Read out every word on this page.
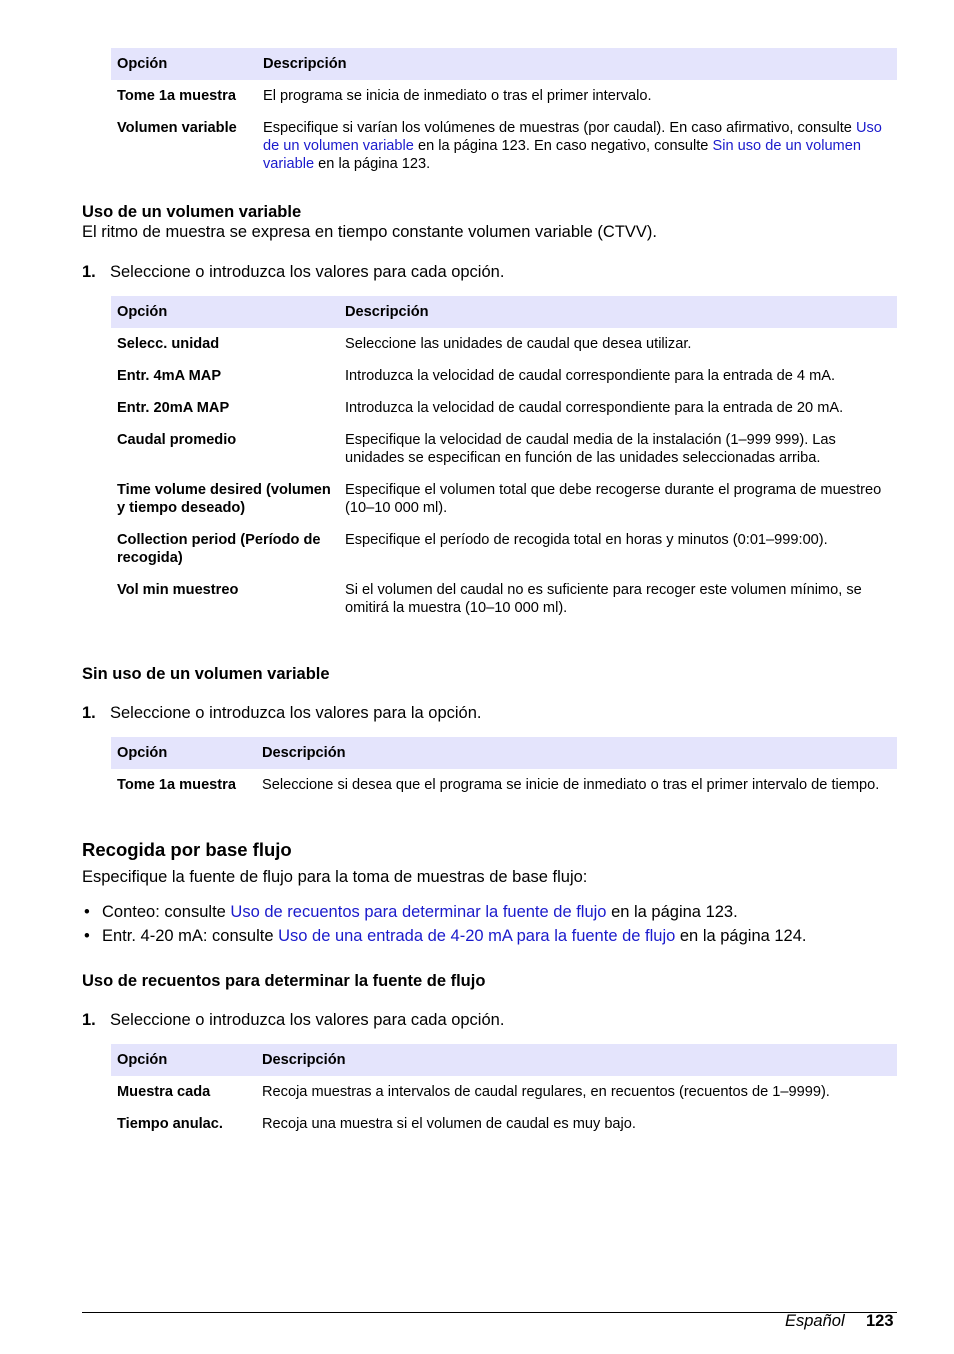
Opción	Descripción
Tome 1a muestra	El programa se inicia de inmediato o tras el primer intervalo.
Volumen variable	Especifique si varían los volúmenes de muestras (por caudal). En caso afirmativo, consulte Uso de un volumen variable en la página 123. En caso negativo, consulte Sin uso de un volumen variable en la página 123.
Uso de un volumen variable
El ritmo de muestra se expresa en tiempo constante volumen variable (CTVV).
1. Seleccione o introduzca los valores para cada opción.
Opción	Descripción
Selecc. unidad	Seleccione las unidades de caudal que desea utilizar.
Entr. 4mA MAP	Introduzca la velocidad de caudal correspondiente para la entrada de 4 mA.
Entr. 20mA MAP	Introduzca la velocidad de caudal correspondiente para la entrada de 20 mA.
Caudal promedio	Especifique la velocidad de caudal media de la instalación (1–999 999). Las unidades se especifican en función de las unidades seleccionadas arriba.
Time volume desired (volumen y tiempo deseado)	Especifique el volumen total que debe recogerse durante el programa de muestreo (10–10 000 ml).
Collection period (Período de recogida)	Especifique el período de recogida total en horas y minutos (0:01–999:00).
Vol min muestreo	Si el volumen del caudal no es suficiente para recoger este volumen mínimo, se omitirá la muestra (10–10 000 ml).
Sin uso de un volumen variable
1. Seleccione o introduzca los valores para la opción.
Opción	Descripción
Tome 1a muestra	Seleccione si desea que el programa se inicie de inmediato o tras el primer intervalo de tiempo.
Recogida por base flujo
Especifique la fuente de flujo para la toma de muestras de base flujo:
• Conteo: consulte Uso de recuentos para determinar la fuente de flujo en la página 123.
• Entr. 4-20 mA: consulte Uso de una entrada de 4-20 mA para la fuente de flujo en la página 124.
Uso de recuentos para determinar la fuente de flujo
1. Seleccione o introduzca los valores para cada opción.
Opción	Descripción
Muestra cada	Recoja muestras a intervalos de caudal regulares, en recuentos (recuentos de 1–9999).
Tiempo anulac.	Recoja una muestra si el volumen de caudal es muy bajo.
Español 123
